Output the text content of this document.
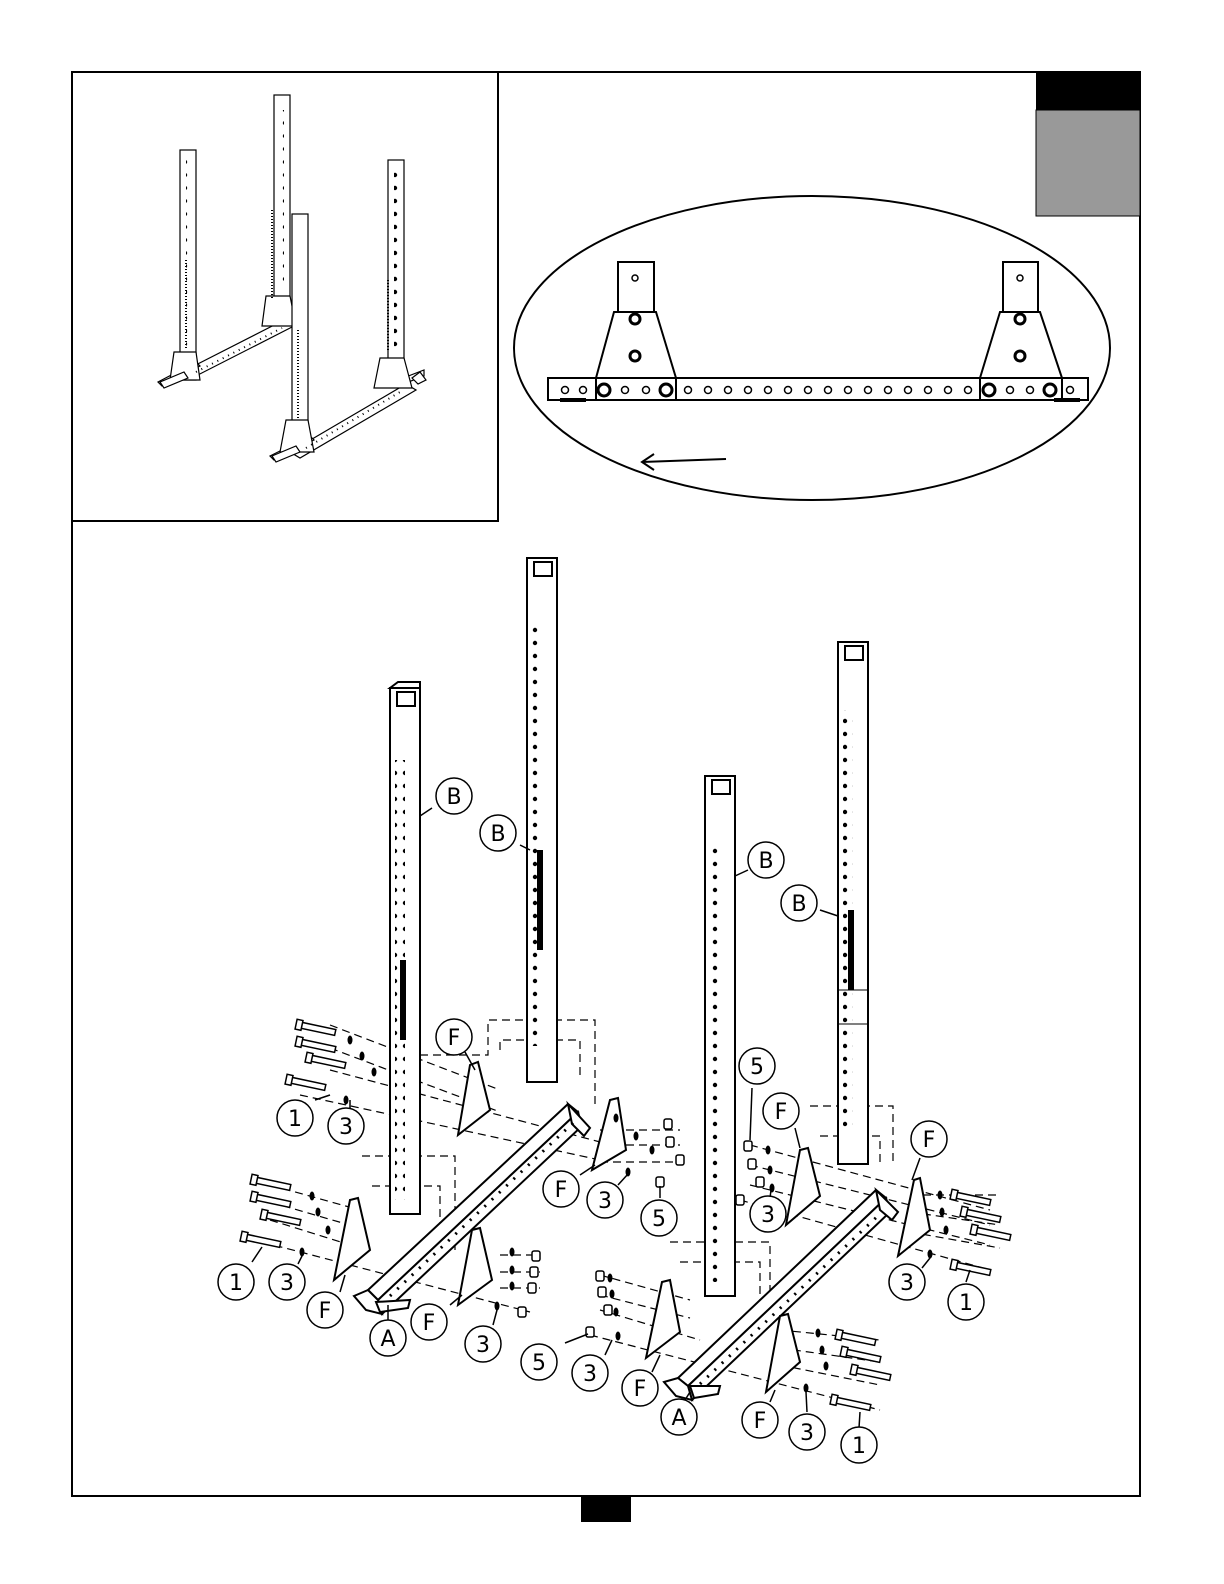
B
B
B
B
F
F
F	F
F
F
F
F
A
A
1
1
1
1
3
3
3
3
3
3
3
3
5
5
5
